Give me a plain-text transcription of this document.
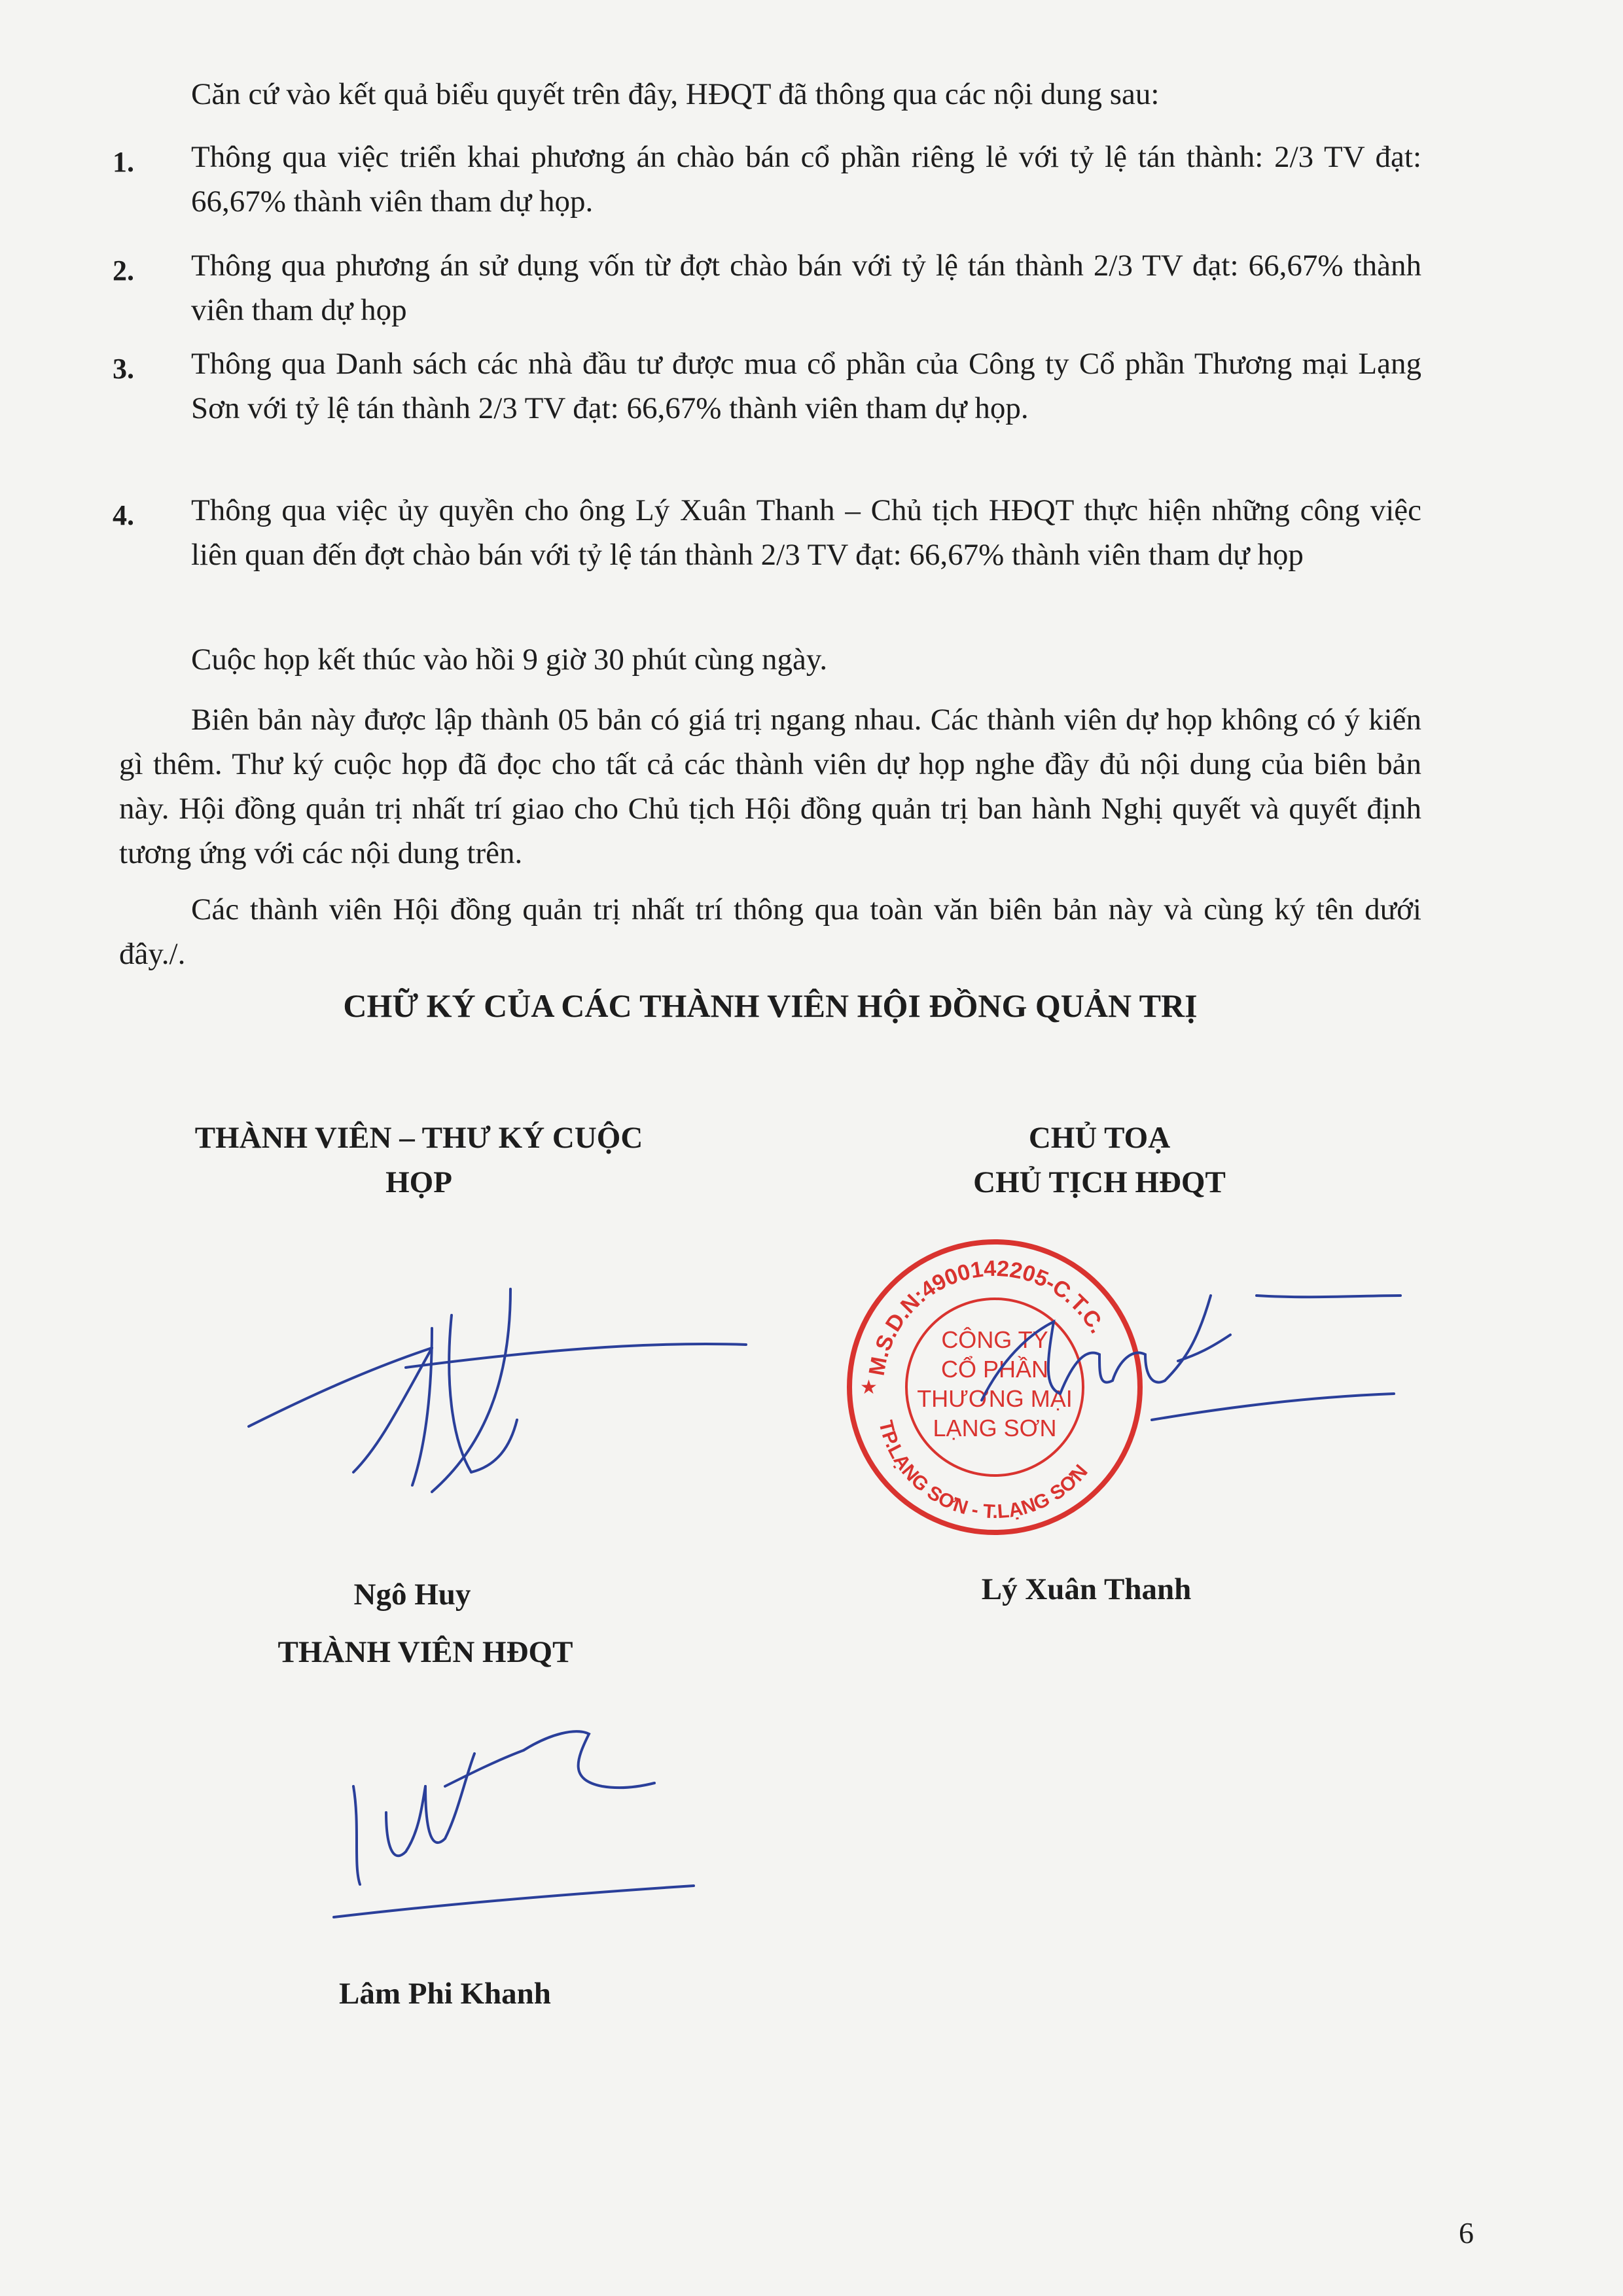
Căn cứ vào kết quả biểu quyết trên đây, HĐQT đã thông qua các nội dung sau:
1. Thông qua việc triển khai phương án chào bán cổ phần riêng lẻ với tỷ lệ tán thành: 2/3 TV đạt: 66,67% thành viên tham dự họp.
2. Thông qua phương án sử dụng vốn từ đợt chào bán với tỷ lệ tán thành 2/3 TV đạt: 66,67% thành viên tham dự họp
3. Thông qua Danh sách các nhà đầu tư được mua cổ phần của Công ty Cổ phần Thương mại Lạng Sơn với tỷ lệ tán thành 2/3 TV đạt: 66,67% thành viên tham dự họp.
4. Thông qua việc ủy quyền cho ông Lý Xuân Thanh – Chủ tịch HĐQT thực hiện những công việc liên quan đến đợt chào bán với tỷ lệ tán thành 2/3 TV đạt: 66,67% thành viên tham dự họp
Cuộc họp kết thúc vào hồi 9 giờ 30 phút cùng ngày.
Biên bản này được lập thành 05 bản có giá trị ngang nhau. Các thành viên dự họp không có ý kiến gì thêm. Thư ký cuộc họp đã đọc cho tất cả các thành viên dự họp nghe đầy đủ nội dung của biên bản này. Hội đồng quản trị nhất trí giao cho Chủ tịch Hội đồng quản trị ban hành Nghị quyết và quyết định tương ứng với các nội dung trên.
Các thành viên Hội đồng quản trị nhất trí thông qua toàn văn biên bản này và cùng ký tên dưới đây./.
CHỮ KÝ CỦA CÁC THÀNH VIÊN HỘI ĐỒNG QUẢN TRỊ
THÀNH VIÊN – THƯ KÝ CUỘC
HỌP
CHỦ TOẠ
CHỦ TỊCH HĐQT
M.S.D.N:4900142205-C.T.C.
TP.LẠNG SƠN - T.LẠNG SƠN
★
CÔNG TY
CỔ PHẦN
THƯƠNG MẠI
LẠNG SƠN
Ngô Huy	Lý Xuân Thanh
THÀNH VIÊN HĐQT
Lâm Phi Khanh
6
